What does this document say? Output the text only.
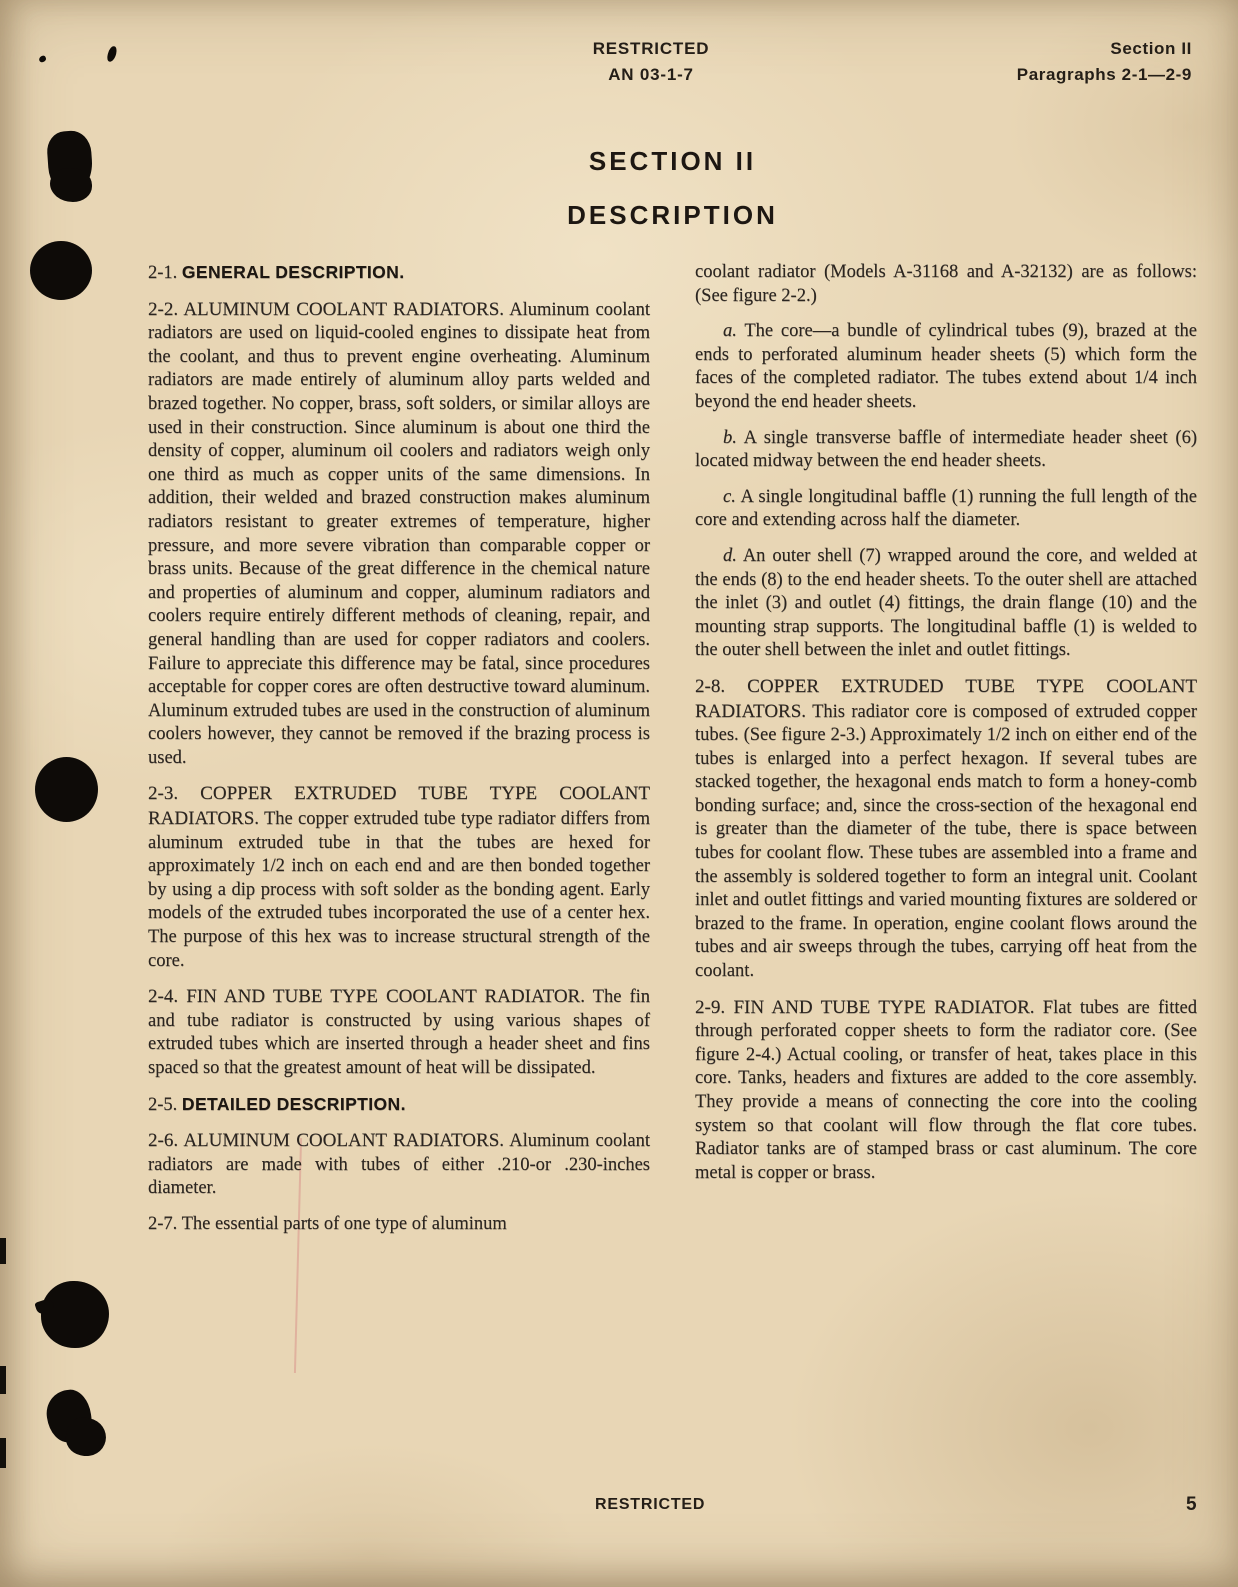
RESTRICTED
AN 03-1-7
Section II
Paragraphs 2-1—2-9
SECTION II
DESCRIPTION

2-1. GENERAL DESCRIPTION.

2-2. ALUMINUM COOLANT RADIATORS. Aluminum coolant radiators are used on liquid-cooled engines to dissipate heat from the coolant, and thus to prevent engine overheating. Aluminum radiators are made entirely of aluminum alloy parts welded and brazed together. No copper, brass, soft solders, or similar alloys are used in their construction. Since aluminum is about one third the density of copper, aluminum oil coolers and radiators weigh only one third as much as copper units of the same dimensions. In addition, their welded and brazed construction makes aluminum radiators resistant to greater extremes of temperature, higher pressure, and more severe vibration than comparable copper or brass units. Because of the great difference in the chemical nature and properties of aluminum and copper, aluminum radiators and coolers require entirely different methods of cleaning, repair, and general handling than are used for copper radiators and coolers. Failure to appreciate this difference may be fatal, since procedures acceptable for copper cores are often destructive toward aluminum. Aluminum extruded tubes are used in the construction of aluminum coolers however, they cannot be removed if the brazing process is used.

2-3. COPPER EXTRUDED TUBE TYPE COOLANT RADIATORS. The copper extruded tube type radiator differs from aluminum extruded tube in that the tubes are hexed for approximately 1/2 inch on each end and are then bonded together by using a dip process with soft solder as the bonding agent. Early models of the extruded tubes incorporated the use of a center hex. The purpose of this hex was to increase structural strength of the core.

2-4. FIN AND TUBE TYPE COOLANT RADIATOR. The fin and tube radiator is constructed by using various shapes of extruded tubes which are inserted through a header sheet and fins spaced so that the greatest amount of heat will be dissipated.

2-5. DETAILED DESCRIPTION.

2-6. ALUMINUM COOLANT RADIATORS. Aluminum coolant radiators are made with tubes of either .210-or .230-inches diameter.

2-7. The essential parts of one type of aluminum

coolant radiator (Models A-31168 and A-32132) are as follows: (See figure 2-2.)

a. The core—a bundle of cylindrical tubes (9), brazed at the ends to perforated aluminum header sheets (5) which form the faces of the completed radiator. The tubes extend about 1/4 inch beyond the end header sheets.

b. A single transverse baffle of intermediate header sheet (6) located midway between the end header sheets.

c. A single longitudinal baffle (1) running the full length of the core and extending across half the diameter.

d. An outer shell (7) wrapped around the core, and welded at the ends (8) to the end header sheets. To the outer shell are attached the inlet (3) and outlet (4) fittings, the drain flange (10) and the mounting strap supports. The longitudinal baffle (1) is welded to the outer shell between the inlet and outlet fittings.

2-8. COPPER EXTRUDED TUBE TYPE COOLANT RADIATORS. This radiator core is composed of extruded copper tubes. (See figure 2-3.) Approximately 1/2 inch on either end of the tubes is enlarged into a perfect hexagon. If several tubes are stacked together, the hexagonal ends match to form a honey-comb bonding surface; and, since the cross-section of the hexagonal end is greater than the diameter of the tube, there is space between tubes for coolant flow. These tubes are assembled into a frame and the assembly is soldered together to form an integral unit. Coolant inlet and outlet fittings and varied mounting fixtures are soldered or brazed to the frame. In operation, engine coolant flows around the tubes and air sweeps through the tubes, carrying off heat from the coolant.

2-9. FIN AND TUBE TYPE RADIATOR. Flat tubes are fitted through perforated copper sheets to form the radiator core. (See figure 2-4.) Actual cooling, or transfer of heat, takes place in this core. Tanks, headers and fixtures are added to the core assembly. They provide a means of connecting the core into the cooling system so that coolant will flow through the flat core tubes. Radiator tanks are of stamped brass or cast aluminum. The core metal is copper or brass.

RESTRICTED	5
